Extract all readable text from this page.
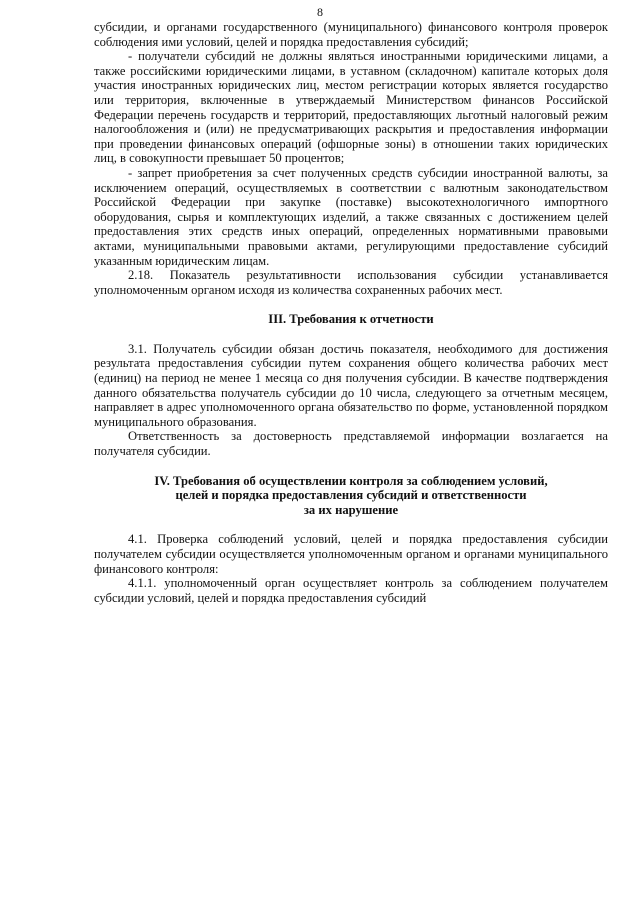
8

субсидии, и органами государственного (муниципального) финансового контроля проверок соблюдения ими условий, целей и порядка предоставления субсидий;

- получатели субсидий не должны являться иностранными юридическими лицами, а также российскими юридическими лицами, в уставном (складочном) капитале которых доля участия иностранных юридических лиц, местом регистрации которых является государство или территория, включенные в утверждаемый Министерством финансов Российской Федерации перечень государств и территорий, предоставляющих льготный налоговый режим налогообложения и (или) не предусматривающих раскрытия и предоставления информации при проведении финансовых операций (офшорные зоны) в отношении таких юридических лиц, в совокупности превышает 50 процентов;

- запрет приобретения за счет полученных средств субсидии иностранной валюты, за исключением операций, осуществляемых в соответствии с валютным законодательством Российской Федерации при закупке (поставке) высокотехнологичного импортного оборудования, сырья и комплектующих изделий, а также связанных с достижением целей предоставления этих средств иных операций, определенных нормативными правовыми актами, муниципальными правовыми актами, регулирующими предоставление субсидий указанным юридическим лицам.

2.18. Показатель результативности использования субсидии устанавливается уполномоченным органом исходя из количества сохраненных рабочих мест.

III. Требования к отчетности

3.1. Получатель субсидии обязан достичь показателя, необходимого для достижения результата предоставления субсидии путем сохранения общего количества рабочих мест (единиц) на период не менее 1 месяца со дня получения субсидии. В качестве подтверждения данного обязательства получатель субсидии до 10 числа, следующего за отчетным месяцем, направляет в адрес уполномоченного органа обязательство по форме, установленной порядком муниципального образования.

Ответственность за достоверность представляемой информации возлагается на получателя субсидии.

IV. Требования об осуществлении контроля за соблюдением условий,

целей и порядка предоставления субсидий и ответственности

за их нарушение

4.1. Проверка соблюдений условий, целей и порядка предоставления субсидии получателем субсидии осуществляется уполномоченным органом и органами муниципального финансового контроля:

4.1.1. уполномоченный орган осуществляет контроль за соблюдением получателем субсидии условий, целей и порядка предоставления субсидий
